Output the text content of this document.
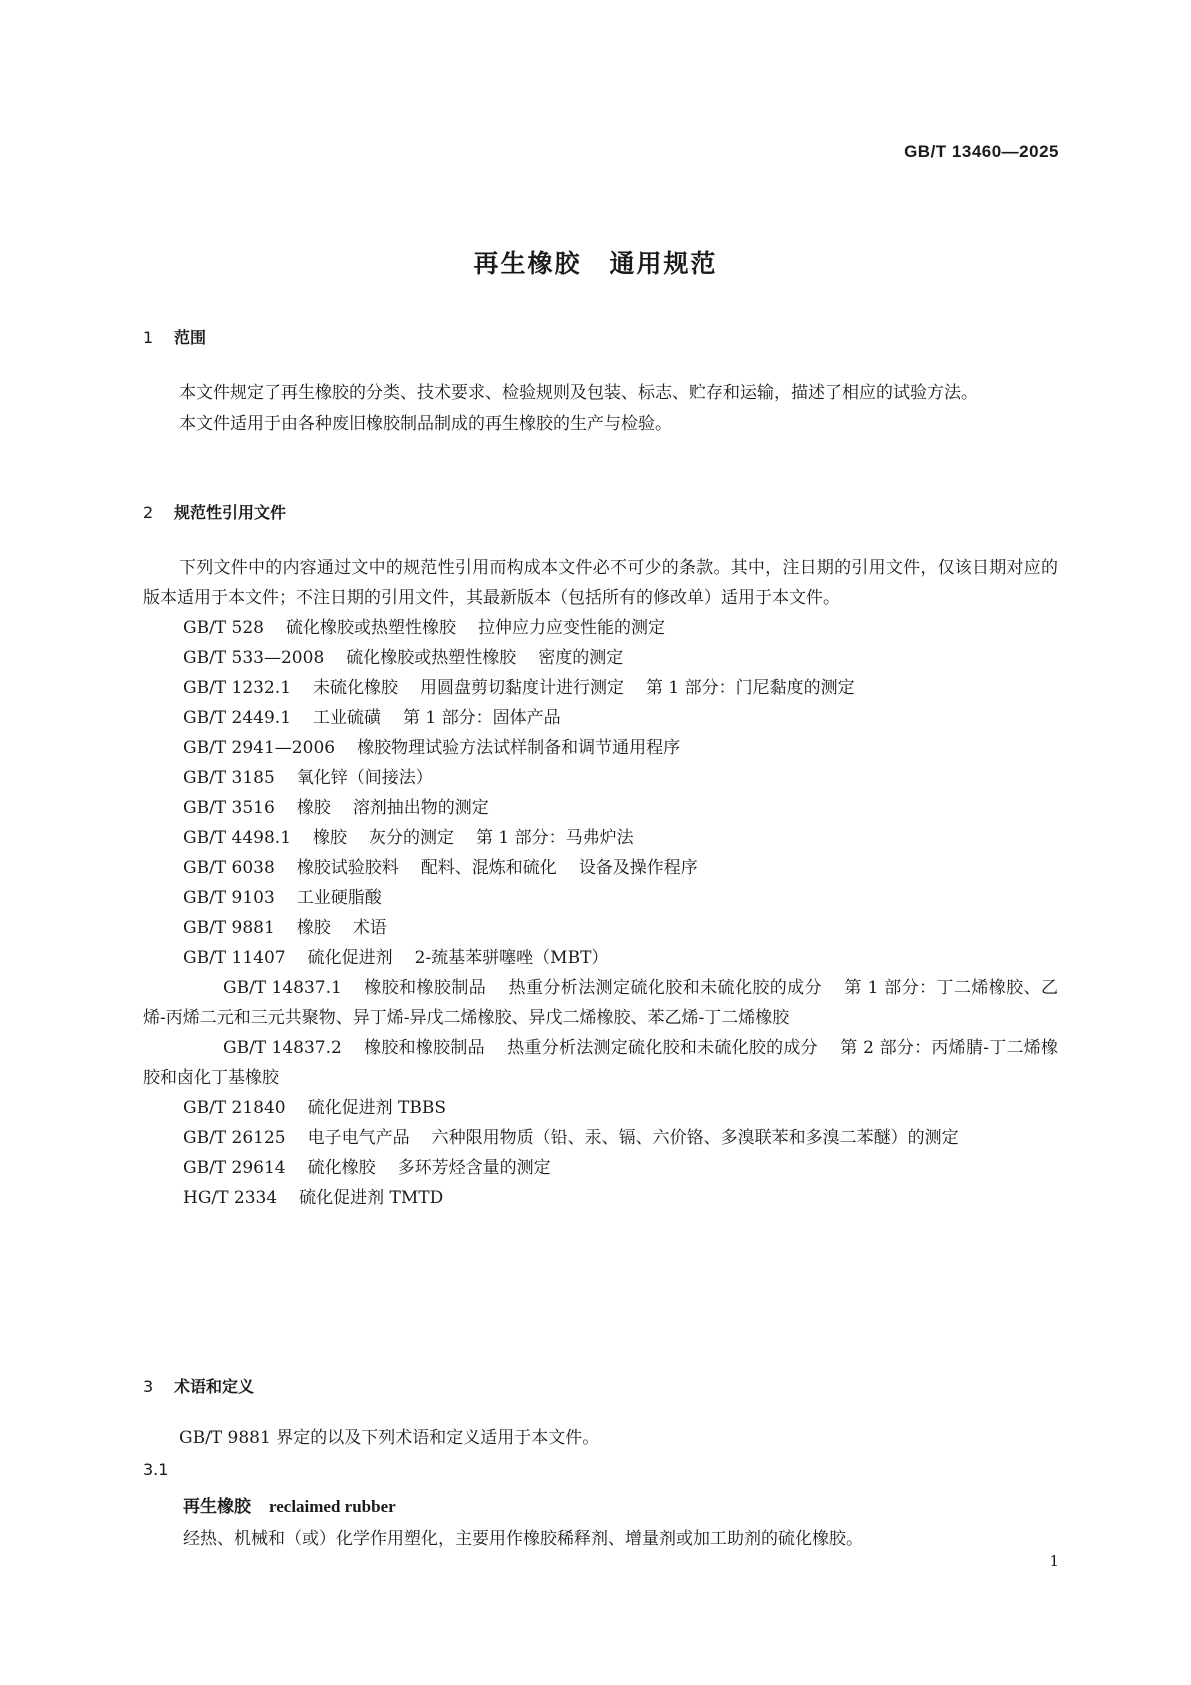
GB/T 13460—2025
再生橡胶 通用规范
1 范围

本文件规定了再生橡胶的分类、技术要求、检验规则及包装、标志、贮存和运输，描述了相应的试验方法。

本文件适用于由各种废旧橡胶制品制成的再生橡胶的生产与检验。

2 规范性引用文件

下列文件中的内容通过文中的规范性引用而构成本文件必不可少的条款。其中，注日期的引用文件，仅该日期对应的版本适用于本文件；不注日期的引用文件，其最新版本（包括所有的修改单）适用于本文件。

GB/T 528 硫化橡胶或热塑性橡胶 拉伸应力应变性能的测定

GB/T 533—2008 硫化橡胶或热塑性橡胶 密度的测定

GB/T 1232.1 未硫化橡胶 用圆盘剪切黏度计进行测定 第 1 部分：门尼黏度的测定

GB/T 2449.1 工业硫磺 第 1 部分：固体产品

GB/T 2941—2006 橡胶物理试验方法试样制备和调节通用程序

GB/T 3185 氧化锌（间接法）

GB/T 3516 橡胶 溶剂抽出物的测定

GB/T 4498.1 橡胶 灰分的测定 第 1 部分：马弗炉法

GB/T 6038 橡胶试验胶料 配料、混炼和硫化 设备及操作程序

GB/T 9103 工业硬脂酸

GB/T 9881 橡胶 术语

GB/T 11407 硫化促进剂 2-巯基苯骈噻唑（MBT）

GB/T 14837.1 橡胶和橡胶制品 热重分析法测定硫化胶和未硫化胶的成分 第 1 部分：丁二烯橡胶、乙烯-丙烯二元和三元共聚物、异丁烯-异戊二烯橡胶、异戊二烯橡胶、苯乙烯-丁二烯橡胶

GB/T 14837.2 橡胶和橡胶制品 热重分析法测定硫化胶和未硫化胶的成分 第 2 部分：丙烯腈-丁二烯橡胶和卤化丁基橡胶

GB/T 21840 硫化促进剂 TBBS

GB/T 26125 电子电气产品 六种限用物质（铅、汞、镉、六价铬、多溴联苯和多溴二苯醚）的测定

GB/T 29614 硫化橡胶 多环芳烃含量的测定

HG/T 2334 硫化促进剂 TMTD

3 术语和定义

GB/T 9881 界定的以及下列术语和定义适用于本文件。

3.1
再生橡胶 reclaimed rubber
经热、机械和（或）化学作用塑化，主要用作橡胶稀释剂、增量剂或加工助剂的硫化橡胶。
1
